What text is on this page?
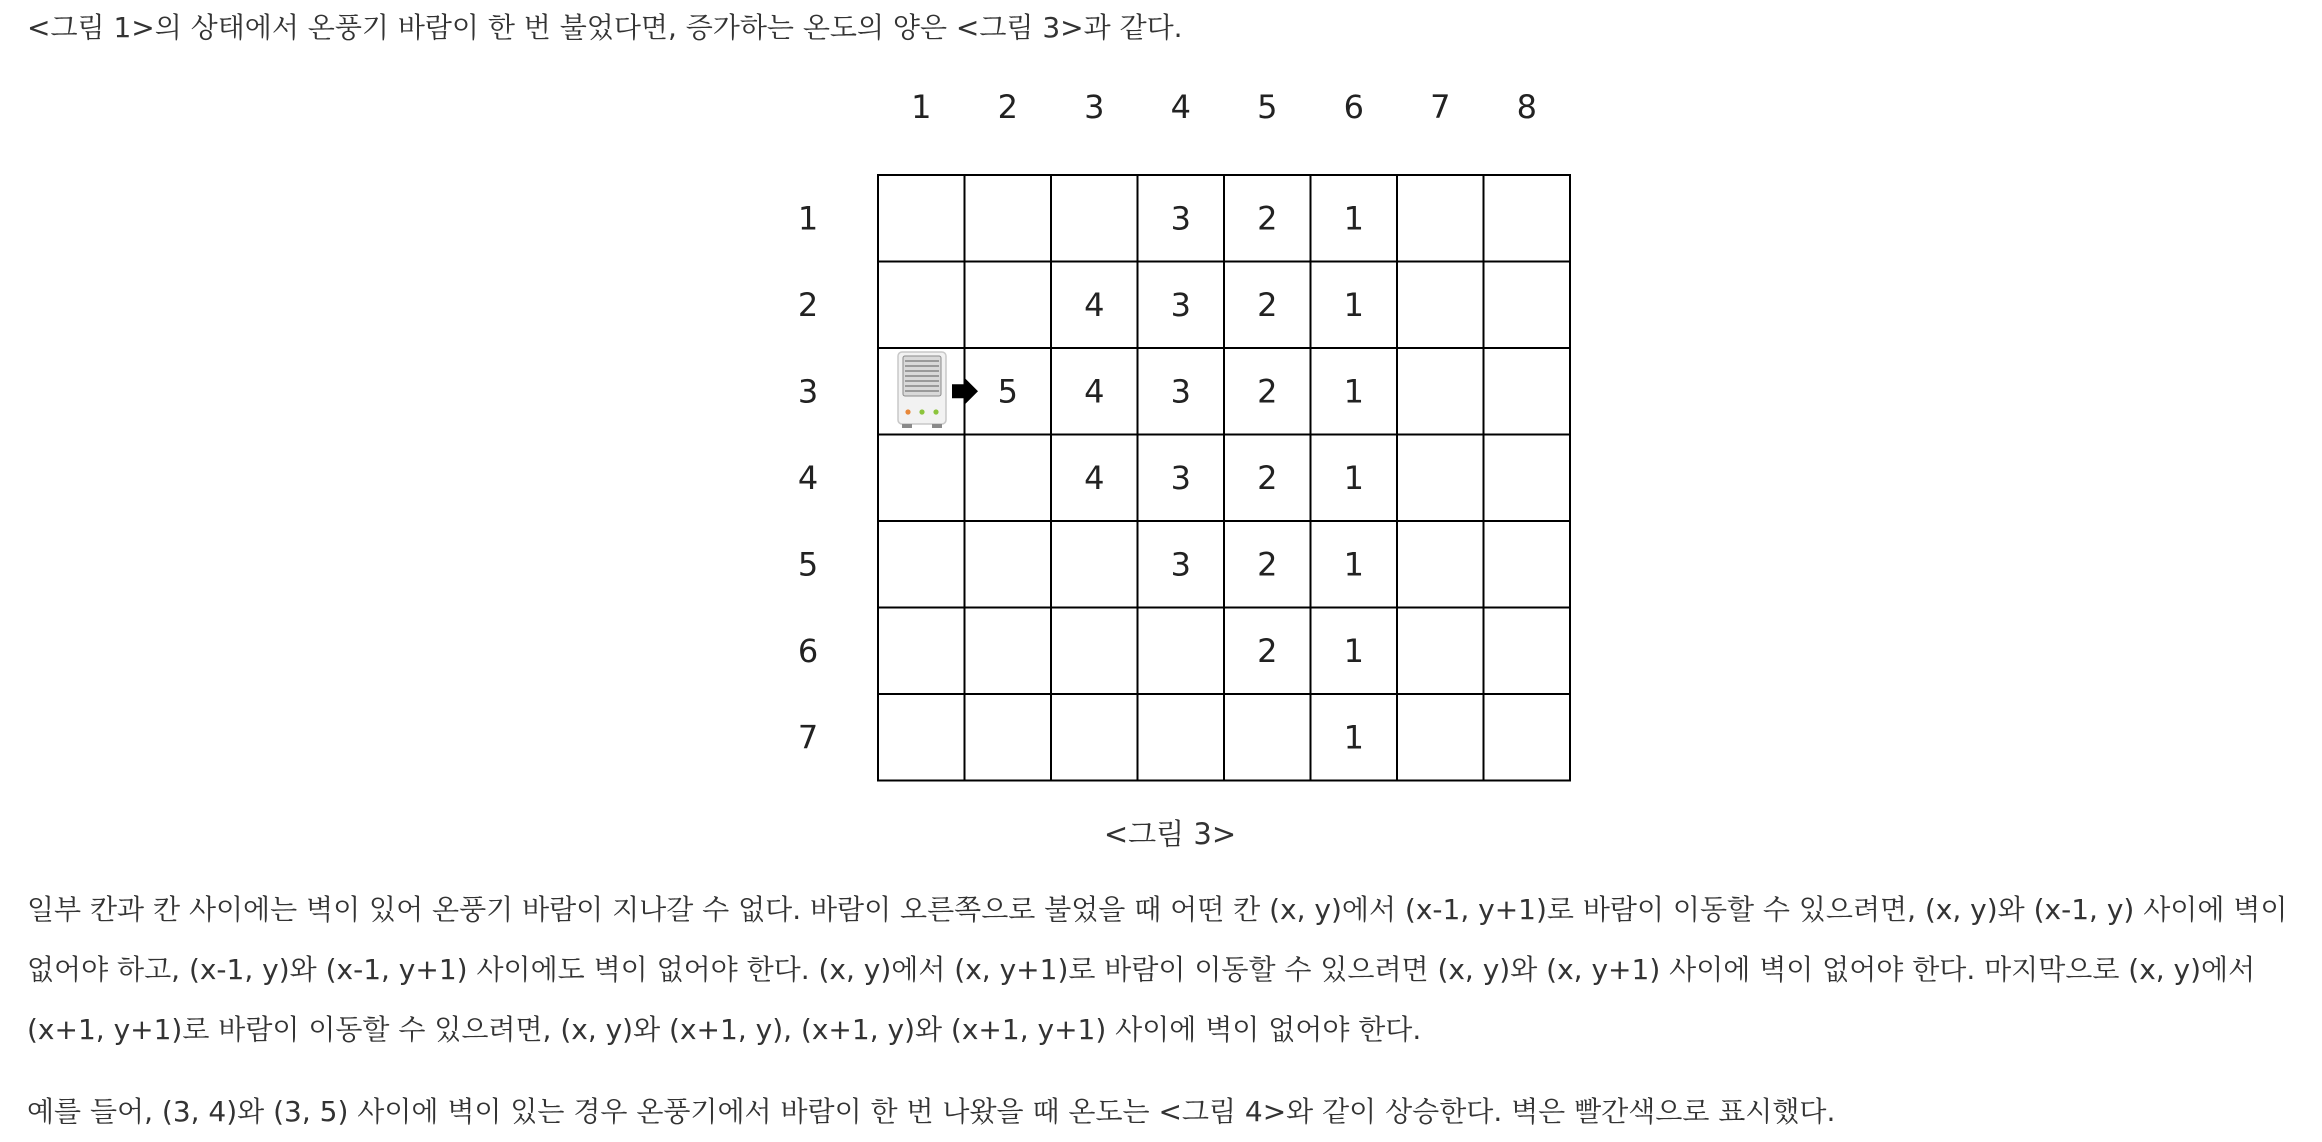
<그림 1>의 상태에서 온풍기 바람이 한 번 불었다면, 증가하는 온도의 양은 <그림 3>과 같다.

1 2 3 4 5 6 7 8
1
2
3
4
5
6
7
3 2 1
4 3 2 1
5 4 3 2 1
4 3 2 1
3 2 1
2 1
1
<그림 3>

일부 칸과 칸 사이에는 벽이 있어 온풍기 바람이 지나갈 수 없다. 바람이 오른쪽으로 불었을 때 어떤 칸 (x, y)에서 (x-1, y+1)로 바람이 이동할 수 있으려면, (x, y)와 (x-1, y) 사이에 벽이 없어야 하고, (x-1, y)와 (x-1, y+1) 사이에도 벽이 없어야 한다. (x, y)에서 (x, y+1)로 바람이 이동할 수 있으려면 (x, y)와 (x, y+1) 사이에 벽이 없어야 한다. 마지막으로 (x, y)에서 (x+1, y+1)로 바람이 이동할 수 있으려면, (x, y)와 (x+1, y), (x+1, y)와 (x+1, y+1) 사이에 벽이 없어야 한다.

예를 들어, (3, 4)와 (3, 5) 사이에 벽이 있는 경우 온풍기에서 바람이 한 번 나왔을 때 온도는 <그림 4>와 같이 상승한다. 벽은 빨간색으로 표시했다.
